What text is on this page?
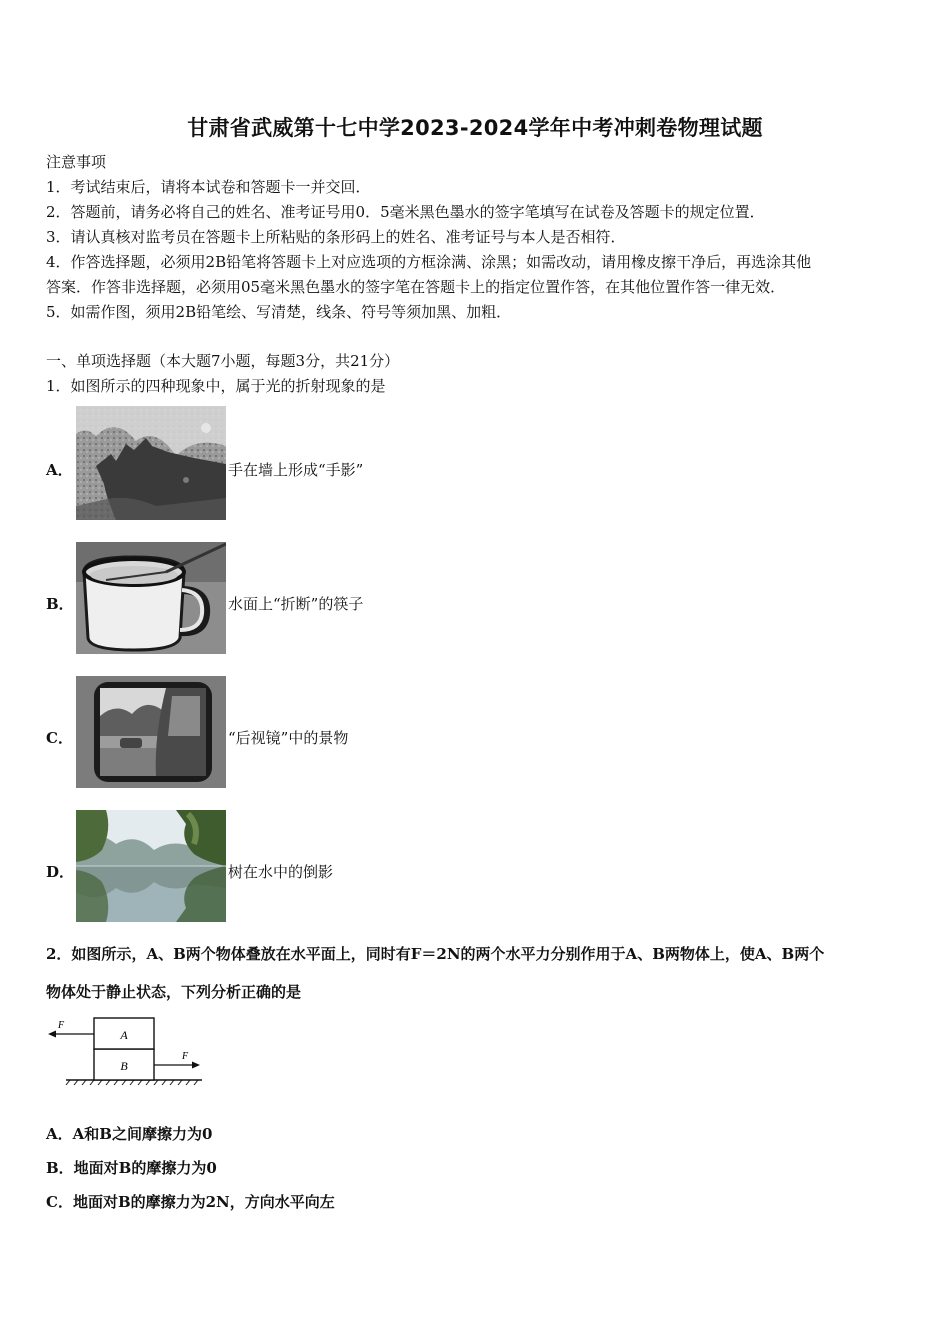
甘肃省武威第十七中学2023-2024学年中考冲刺卷物理试题
注意事项
1．考试结束后，请将本试卷和答题卡一并交回．
2．答题前，请务必将自己的姓名、准考证号用0．5毫米黑色墨水的签字笔填写在试卷及答题卡的规定位置．
3．请认真核对监考员在答题卡上所粘贴的条形码上的姓名、准考证号与本人是否相符．
4．作答选择题，必须用2B铅笔将答题卡上对应选项的方框涂满、涂黑；如需改动，请用橡皮擦干净后，再选涂其他
答案．作答非选择题，必须用05毫米黑色墨水的签字笔在答题卡上的指定位置作答，在其他位置作答一律无效．
5．如需作图，须用2B铅笔绘、写清楚，线条、符号等须加黑、加粗．
一、单项选择题（本大题7小题，每题3分，共21分）
1．如图所示的四种现象中，属于光的折射现象的是
A．	手在墙上形成“手影”
B．	水面上“折断”的筷子
C．	“后视镜”中的景物
D．	树在水中的倒影
2．如图所示，A、B两个物体叠放在水平面上，同时有F＝2N的两个水平力分别作用于A、B两物体上，使A、B两个
物体处于静止状态，下列分析正确的是
A
B
F
F
A．A和B之间摩擦力为0
B．地面对B的摩擦力为0
C．地面对B的摩擦力为2N，方向水平向左
